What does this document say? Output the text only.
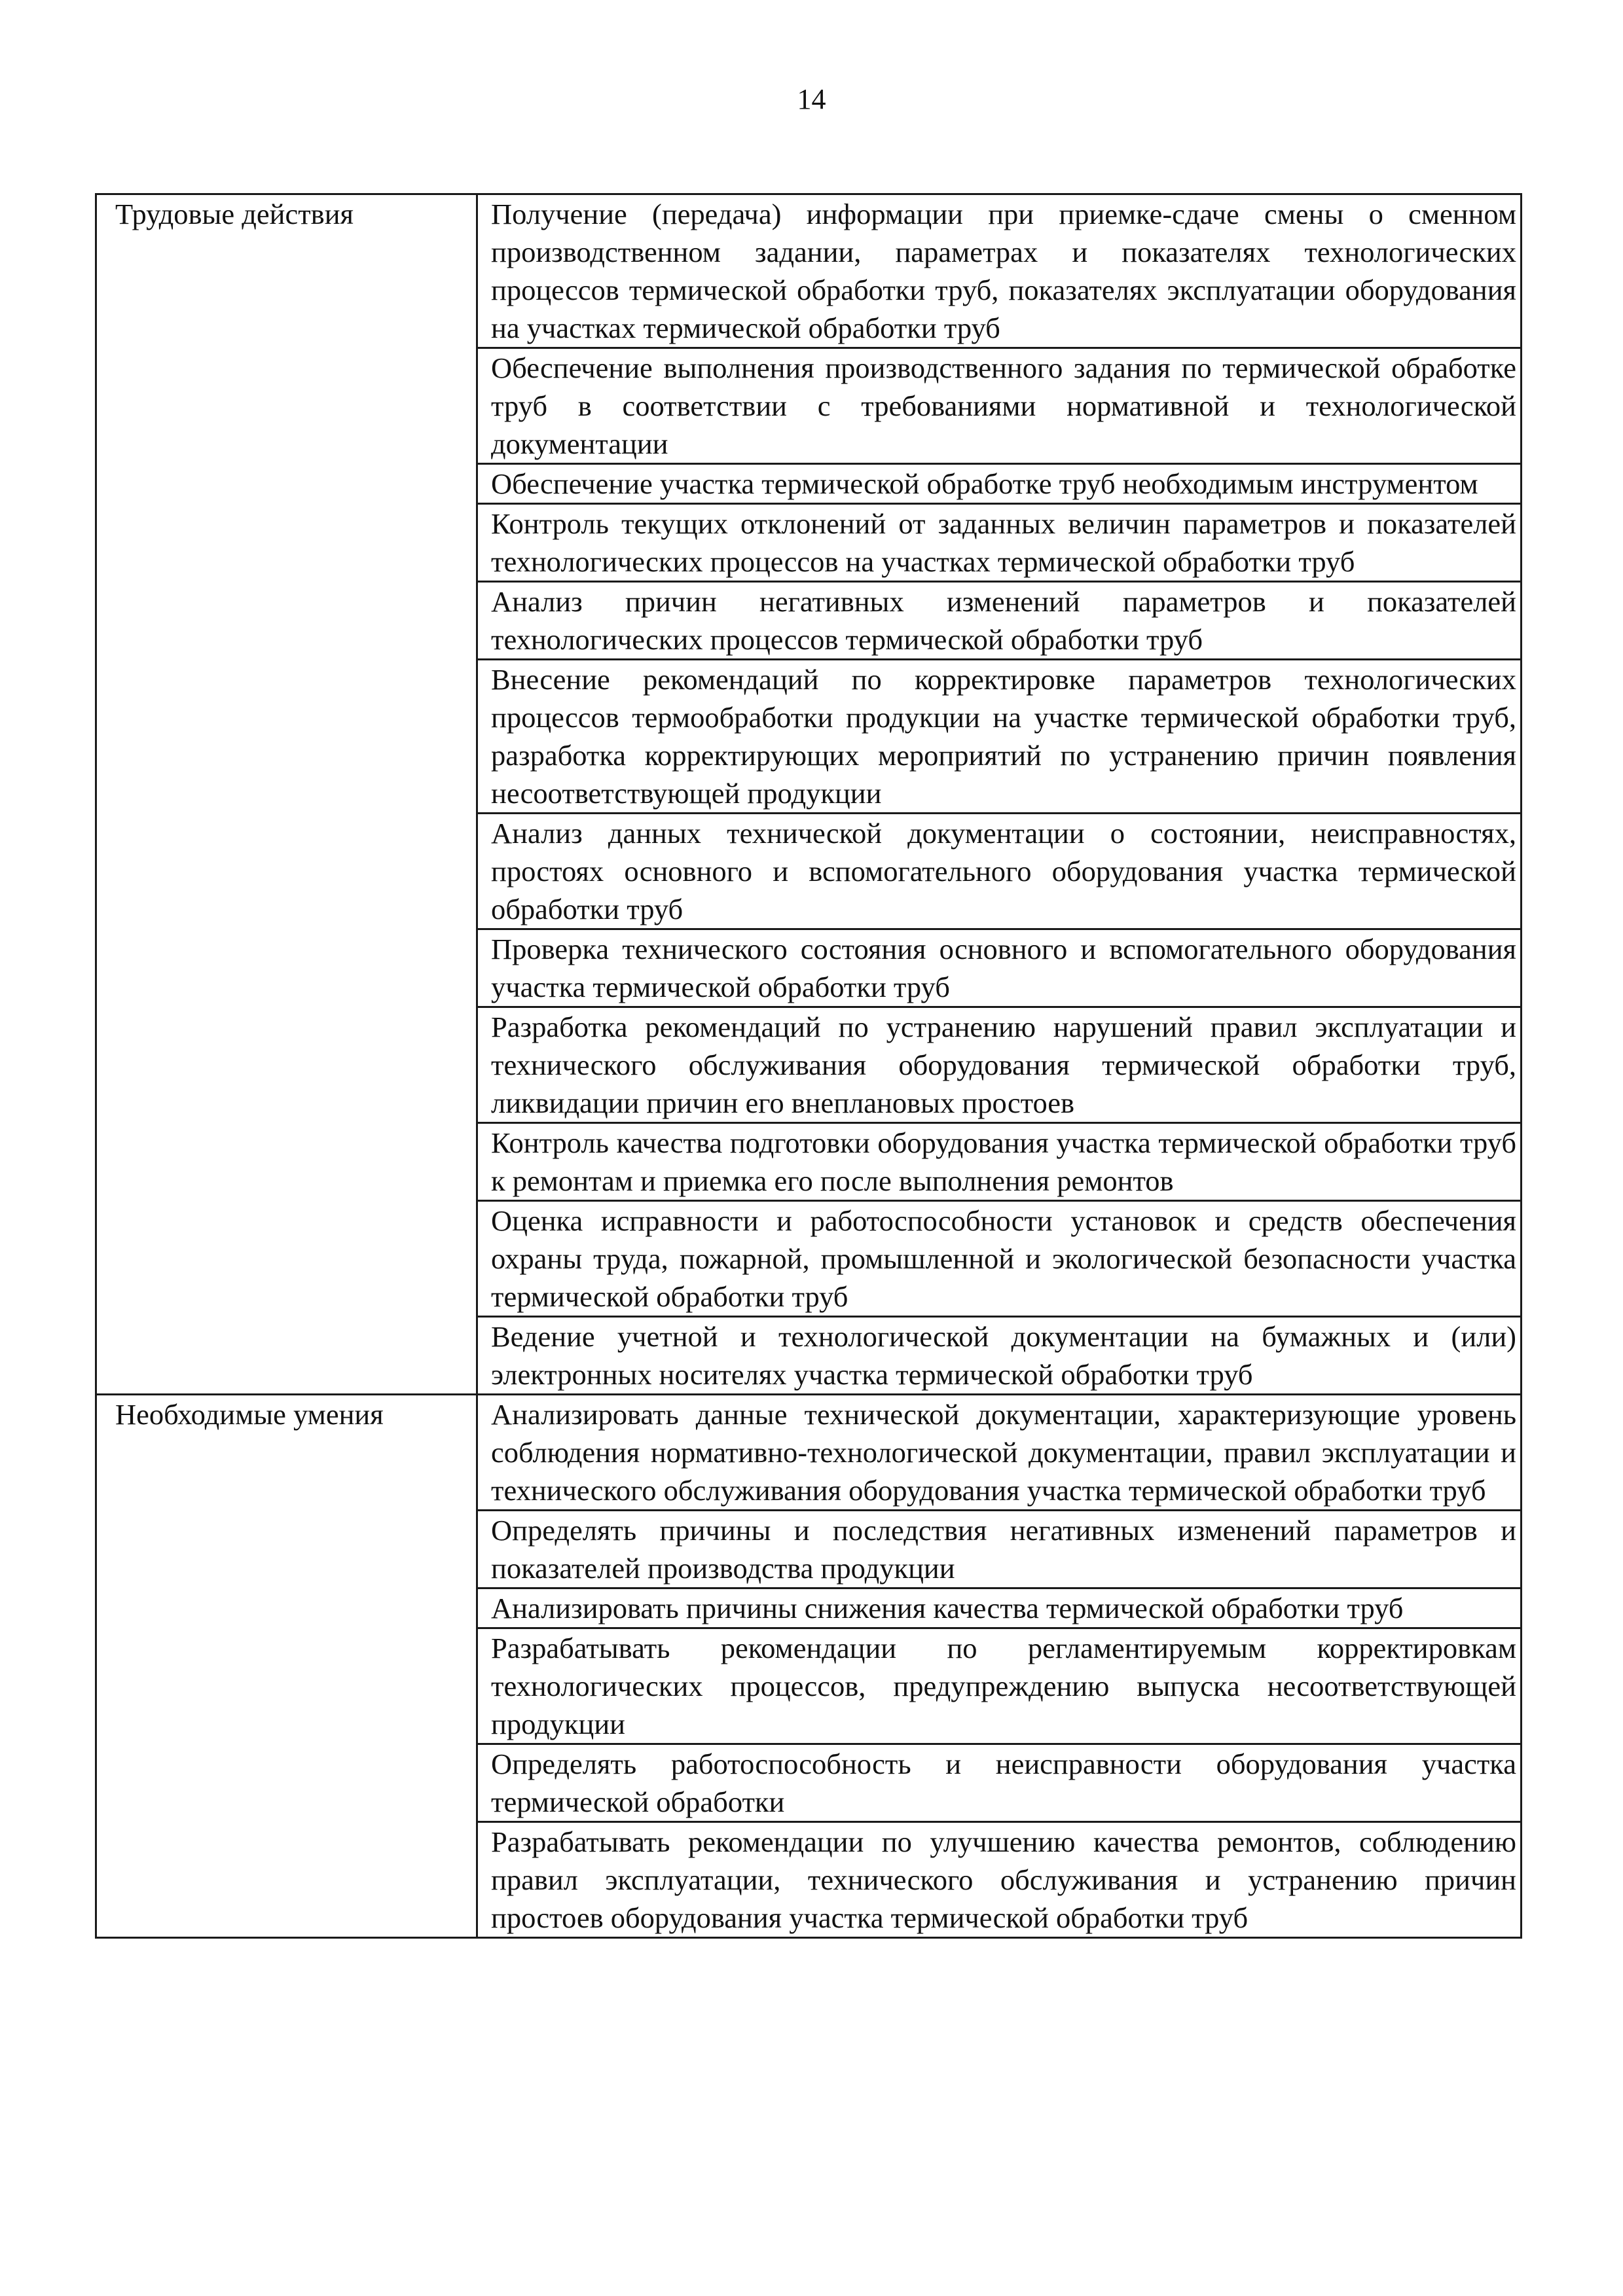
14
Трудовые действия	Получение (передача) информации при приемке-сдаче смены о сменном производственном задании, параметрах и показателях технологических процессов термической обработки труб, показателях эксплуатации оборудования на участках термической обработки труб
	Обеспечение выполнения производственного задания по термической обработке труб в соответствии с требованиями нормативной и технологической документации
	Обеспечение участка термической обработке труб необходимым инструментом
	Контроль текущих отклонений от заданных величин параметров и показателей технологических процессов на участках термической обработки труб
	Анализ причин негативных изменений параметров и показателей технологических процессов термической обработки труб
	Внесение рекомендаций по корректировке параметров технологических процессов термообработки продукции на участке термической обработки труб, разработка корректирующих мероприятий по устранению причин появления несоответствующей продукции
	Анализ данных технической документации о состоянии, неисправностях, простоях основного и вспомогательного оборудования участка термической обработки труб
	Проверка технического состояния основного и вспомогательного оборудования участка термической обработки труб
	Разработка рекомендаций по устранению нарушений правил эксплуатации и технического обслуживания оборудования термической обработки труб, ликвидации причин его внеплановых простоев
	Контроль качества подготовки оборудования участка термической обработки труб к ремонтам и приемка его после выполнения ремонтов
	Оценка исправности и работоспособности установок и средств обеспечения охраны труда, пожарной, промышленной и экологической безопасности участка термической обработки труб
	Ведение учетной и технологической документации на бумажных и (или) электронных носителях участка термической обработки труб
Необходимые умения	Анализировать данные технической документации, характеризующие уровень соблюдения нормативно-технологической документации, правил эксплуатации и технического обслуживания оборудования участка термической обработки труб
	Определять причины и последствия негативных изменений параметров и показателей производства продукции
	Анализировать причины снижения качества термической обработки труб
	Разрабатывать рекомендации по регламентируемым корректировкам технологических процессов, предупреждению выпуска несоответствующей продукции
	Определять работоспособность и неисправности оборудования участка термической обработки
	Разрабатывать рекомендации по улучшению качества ремонтов, соблюдению правил эксплуатации, технического обслуживания и устранению причин простоев оборудования участка термической обработки труб
